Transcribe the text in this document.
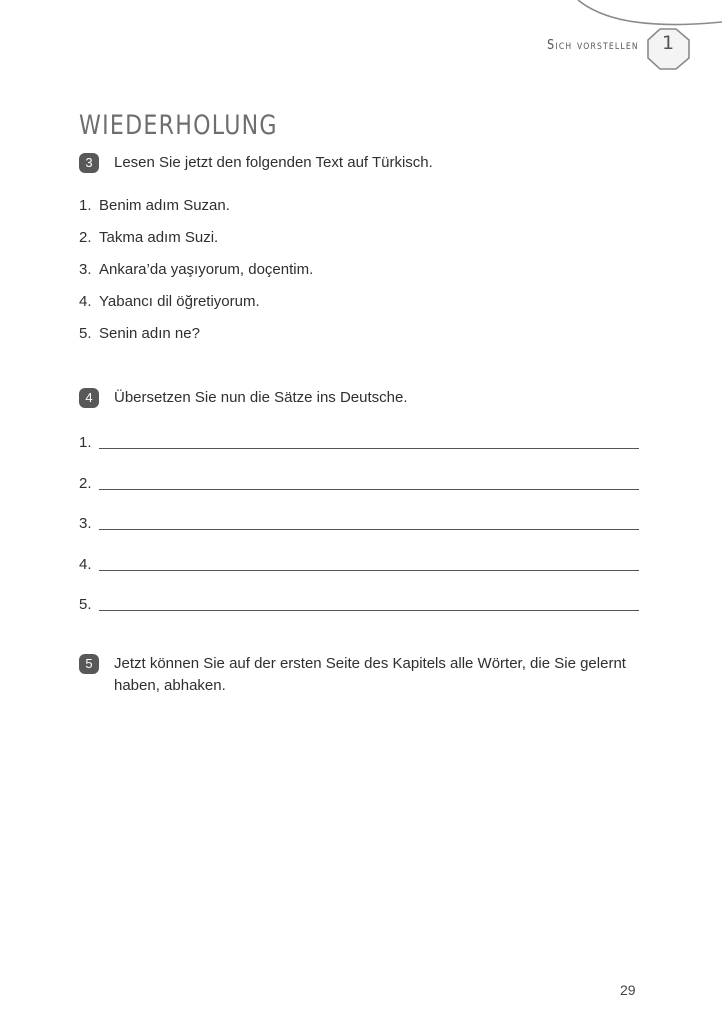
Sich vorstellen 1
WIEDERHOLUNG
3	Lesen Sie jetzt den folgenden Text auf Türkisch.
1. Benim adım Suzan.
2. Takma adım Suzi.
3. Ankara’da yaşıyorum, doçentim.
4. Yabancı dil öğretiyorum.
5. Senin adın ne?
4	Übersetzen Sie nun die Sätze ins Deutsche.
1.
2.
3.
4.
5.
5	Jetzt können Sie auf der ersten Seite des Kapitels alle Wörter, die Sie gelernt haben, abhaken.
29
